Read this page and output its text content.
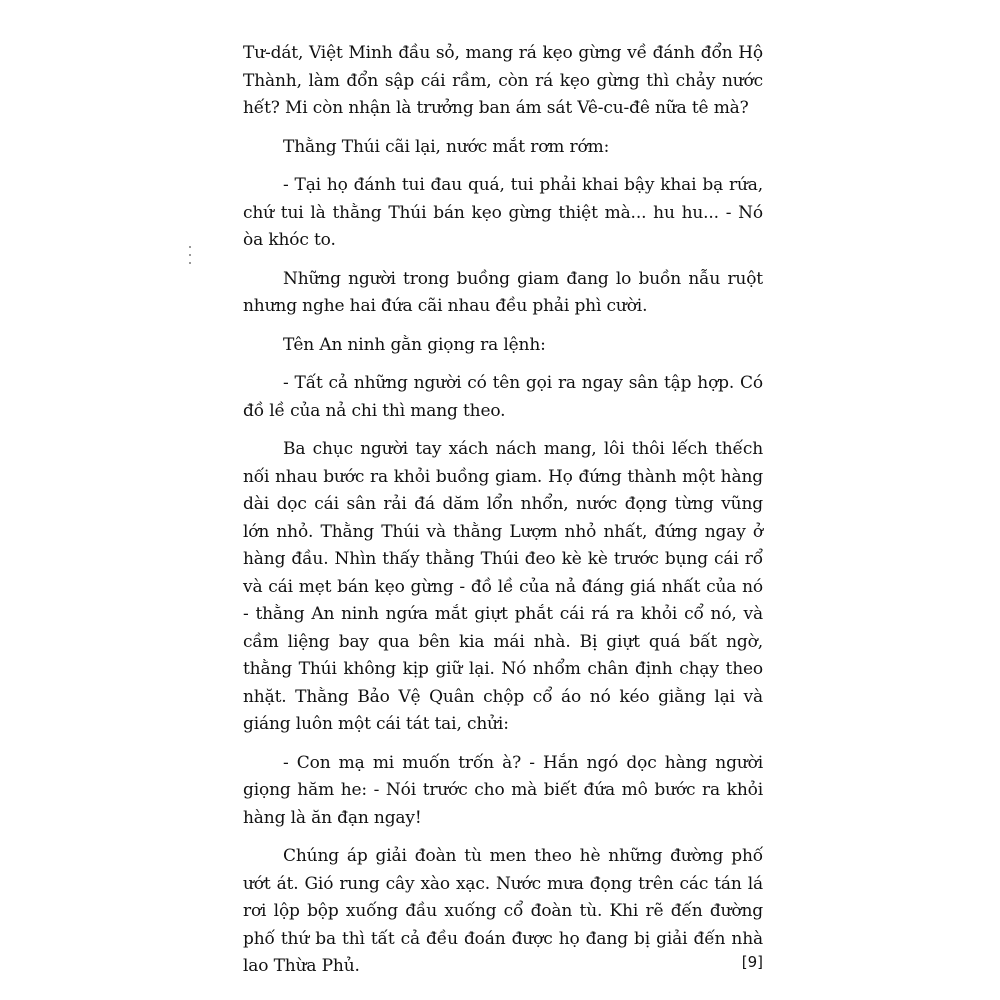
Tư-dát, Việt Minh đầu sỏ, mang rá kẹo gừng về đánh đổn Hộ Thành, làm đổn sập cái rầm, còn rá kẹo gừng thì chảy nước hết? Mi còn nhận là trưởng ban ám sát Vê-cu-đê nữa tê mà?

Thằng Thúi cãi lại, nước mắt rơm rớm:

- Tại họ đánh tui đau quá, tui phải khai bậy khai bạ rứa, chứ tui là thằng Thúi bán kẹo gừng thiệt mà... hu hu... - Nó òa khóc to.

Những người trong buồng giam đang lo buồn nẫu ruột nhưng nghe hai đứa cãi nhau đều phải phì cười.

Tên An ninh gằn giọng ra lệnh:

- Tất cả những người có tên gọi ra ngay sân tập hợp. Có đồ lề của nả chi thì mang theo.

Ba chục người tay xách nách mang, lôi thôi lếch thếch nối nhau bước ra khỏi buồng giam. Họ đứng thành một hàng dài dọc cái sân rải đá dăm lổn nhổn, nước đọng từng vũng lớn nhỏ. Thằng Thúi và thằng Lượm nhỏ nhất, đứng ngay ở hàng đầu. Nhìn thấy thằng Thúi đeo kè kè trước bụng cái rổ và cái mẹt bán kẹo gừng - đồ lề của nả đáng giá nhất của nó - thằng An ninh ngứa mắt giựt phắt cái rá ra khỏi cổ nó, và cầm liệng bay qua bên kia mái nhà. Bị giựt quá bất ngờ, thằng Thúi không kịp giữ lại. Nó nhổm chân định chạy theo nhặt. Thằng Bảo Vệ Quân chộp cổ áo nó kéo giằng lại và giáng luôn một cái tát tai, chửi:

- Con mạ mi muốn trốn à? - Hắn ngó dọc hàng người giọng hăm he: - Nói trước cho mà biết đứa mô bước ra khỏi hàng là ăn đạn ngay!

Chúng áp giải đoàn tù men theo hè những đường phố ướt át. Gió rung cây xào xạc. Nước mưa đọng trên các tán lá rơi lộp bộp xuống đầu xuống cổ đoàn tù. Khi rẽ đến đường phố thứ ba thì tất cả đều đoán được họ đang bị giải đến nhà lao Thừa Phủ.	[9]
